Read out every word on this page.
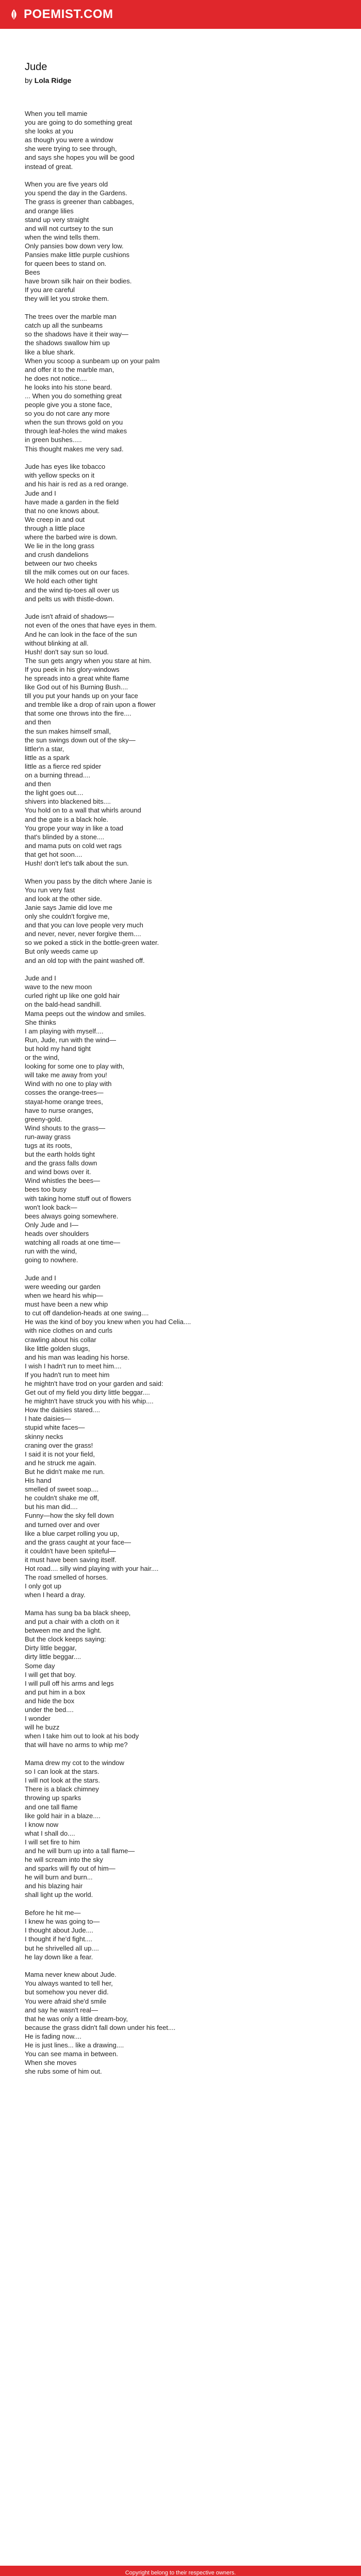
POEMIST.COM
Jude
by Lola Ridge
When you tell mamie
you are going to do something great
she looks at you
as though you were a window
she were trying to see through,
and says she hopes you will be good
instead of great.
When you are five years old
you spend the day in the Gardens.
The grass is greener than cabbages,
and orange lilies
stand up very straight
and will not curtsey to the sun
when the wind tells them.
Only pansies bow down very low.
Pansies make little purple cushions
for queen bees to stand on.
Bees
have brown silk hair on their bodies.
If you are careful
they will let you stroke them.
The trees over the marble man
catch up all the sunbeams
so the shadows have it their way—
the shadows swallow him up
like a blue shark.
When you scoop a sunbeam up on your palm
and offer it to the marble man,
he does not notice....
he looks into his stone beard.
... When you do something great
people give you a stone face,
so you do not care any more
when the sun throws gold on you
through leaf-holes the wind makes
in green bushes.....
This thought makes me very sad.
Jude has eyes like tobacco
with yellow specks on it
and his hair is red as a red orange.
Jude and I
have made a garden in the field
that no one knows about.
We creep in and out
through a little place
where the barbed wire is down.
We lie in the long grass
and crush dandelions
between our two cheeks
till the milk comes out on our faces.
We hold each other tight
and the wind tip-toes all over us
and pelts us with thistle-down.
Jude isn't afraid of shadows—
not even of the ones that have eyes in them.
And he can look in the face of the sun
without blinking at all.
Hush! don't say sun so loud.
The sun gets angry when you stare at him.
If you peek in his glory-windows
he spreads into a great white flame
like God out of his Burning Bush....
till you put your hands up on your face
and tremble like a drop of rain upon a flower
that some one throws into the fire....
and then
the sun makes himself small,
the sun swings down out of the sky—
littler'n a star,
little as a spark
little as a fierce red spider
on a burning thread....
and then
the light goes out....
shivers into blackened bits....
You hold on to a wall that whirls around
and the gate is a black hole.
You grope your way in like a toad
that's blinded by a stone....
and mama puts on cold wet rags
that get hot soon....
Hush! don't let's talk about the sun.
When you pass by the ditch where Janie is
You run very fast
and look at the other side.
Janie says Jamie did love me
only she couldn't forgive me,
and that you can love people very much
and never, never, never forgive them....
so we poked a stick in the bottle-green water.
But only weeds came up
and an old top with the paint washed off.
Jude and I
wave to the new moon
curled right up like one gold hair
on the bald-head sandhill.
Mama peeps out the window and smiles.
She thinks
I am playing with myself....
Run, Jude, run with the wind—
but hold my hand tight
or the wind,
looking for some one to play with,
will take me away from you!
Wind with no one to play with
cosses the orange-trees—
stayat-home orange trees,
have to nurse oranges,
greeny-gold.
Wind shouts to the grass—
run-away grass
tugs at its roots,
but the earth holds tight
and the grass falls down
and wind bows over it.
Wind whistles the bees—
bees too busy
with taking home stuff out of flowers
won't look back—
bees always going somewhere.
Only Jude and I—
heads over shoulders
watching all roads at one time—
run with the wind,
going to nowhere.
Jude and I
were weeding our garden
when we heard his whip—
must have been a new whip
to cut off dandelion-heads at one swing....
He was the kind of boy you knew when you had Celia....
with nice clothes on and curls
crawling about his collar
like little golden slugs,
and his man was leading his horse.
I wish I hadn't run to meet him....
If you hadn't run to meet him
he mightn't have trod on your garden and said:
Get out of my field you dirty little beggar....
he mightn't have struck you with his whip....
How the daisies stared....
I hate daisies—
stupid white faces—
skinny necks
craning over the grass!
I said it is not your field,
and he struck me again.
But he didn't make me run.
His hand
smelled of sweet soap....
he couldn't shake me off,
but his man did....
Funny—how the sky fell down
and turned over and over
like a blue carpet rolling you up,
and the grass caught at your face—
it couldn't have been spiteful—
it must have been saving itself.
Hot road.... silly wind playing with your hair....
The road smelled of horses.
I only got up
when I heard a dray.
Mama has sung ba ba black sheep,
and put a chair with a cloth on it
between me and the light.
But the clock keeps saying:
Dirty little beggar,
dirty little beggar....
Some day
I will get that boy.
I will pull off his arms and legs
and put him in a box
and hide the box
under the bed....
I wonder
will he buzz
when I take him out to look at his body
that will have no arms to whip me?
Mama drew my cot to the window
so I can look at the stars.
I will not look at the stars.
There is a black chimney
throwing up sparks
and one tall flame
like gold hair in a blaze....
I know now
what I shall do....
I will set fire to him
and he will burn up into a tall flame—
he will scream into the sky
and sparks will fly out of him—
he will burn and burn...
and his blazing hair
shall light up the world.
Before he hit me—
I knew he was going to—
I thought about Jude....
I thought if he'd fight....
but he shrivelled all up....
he lay down like a fear.
Mama never knew about Jude.
You always wanted to tell her,
but somehow you never did.
You were afraid she'd smile
and say he wasn't real—
that he was only a little dream-boy,
because the grass didn't fall down under his feet....
He is fading now....
He is just lines... like a drawing....
You can see mama in between.
When she moves
she rubs some of him out.
Copyright belong to their respective owners.
